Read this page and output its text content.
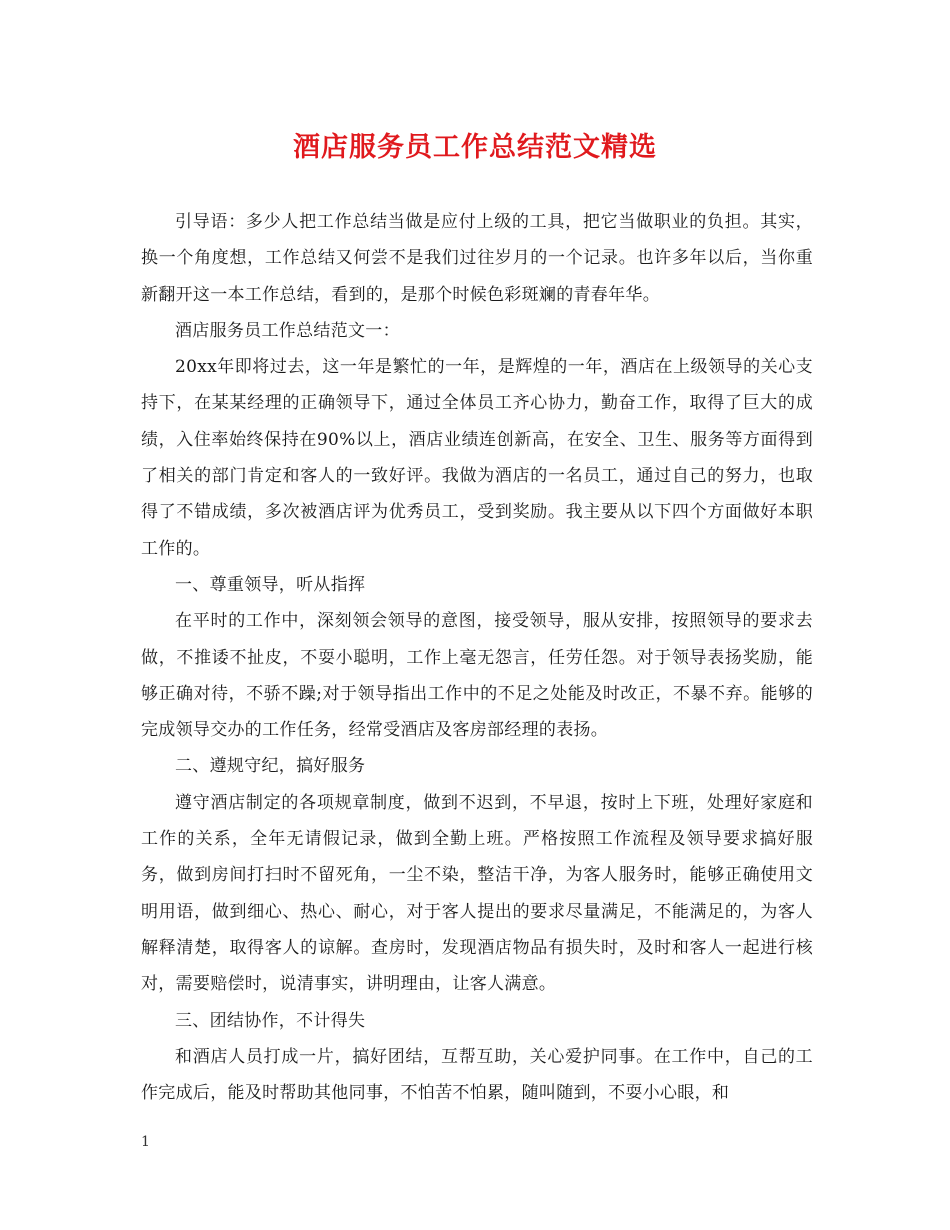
酒店服务员工作总结范文精选

引导语：多少人把工作总结当做是应付上级的工具，把它当做职业的负担。其实，换一个角度想，工作总结又何尝不是我们过往岁月的一个记录。也许多年以后，当你重新翻开这一本工作总结，看到的，是那个时候色彩斑斓的青春年华。

酒店服务员工作总结范文一：

20xx年即将过去，这一年是繁忙的一年，是辉煌的一年，酒店在上级领导的关心支持下，在某某经理的正确领导下，通过全体员工齐心协力，勤奋工作，取得了巨大的成绩，入住率始终保持在90%以上，酒店业绩连创新高，在安全、卫生、服务等方面得到了相关的部门肯定和客人的一致好评。我做为酒店的一名员工，通过自己的努力，也取得了不错成绩，多次被酒店评为优秀员工，受到奖励。我主要从以下四个方面做好本职工作的。

一、尊重领导，听从指挥

在平时的工作中，深刻领会领导的意图，接受领导，服从安排，按照领导的要求去做，不推诿不扯皮，不耍小聪明，工作上毫无怨言，任劳任怨。对于领导表扬奖励，能够正确对待，不骄不躁;对于领导指出工作中的不足之处能及时改正，不暴不弃。能够的完成领导交办的工作任务，经常受酒店及客房部经理的表扬。

二、遵规守纪，搞好服务

遵守酒店制定的各项规章制度，做到不迟到，不早退，按时上下班，处理好家庭和工作的关系，全年无请假记录，做到全勤上班。严格按照工作流程及领导要求搞好服务，做到房间打扫时不留死角，一尘不染，整洁干净，为客人服务时，能够正确使用文明用语，做到细心、热心、耐心，对于客人提出的要求尽量满足，不能满足的，为客人解释清楚，取得客人的谅解。查房时，发现酒店物品有损失时，及时和客人一起进行核对，需要赔偿时，说清事实，讲明理由，让客人满意。

三、团结协作，不计得失

和酒店人员打成一片，搞好团结，互帮互助，关心爱护同事。在工作中，自己的工作完成后，能及时帮助其他同事，不怕苦不怕累，随叫随到，不耍小心眼，和

1
